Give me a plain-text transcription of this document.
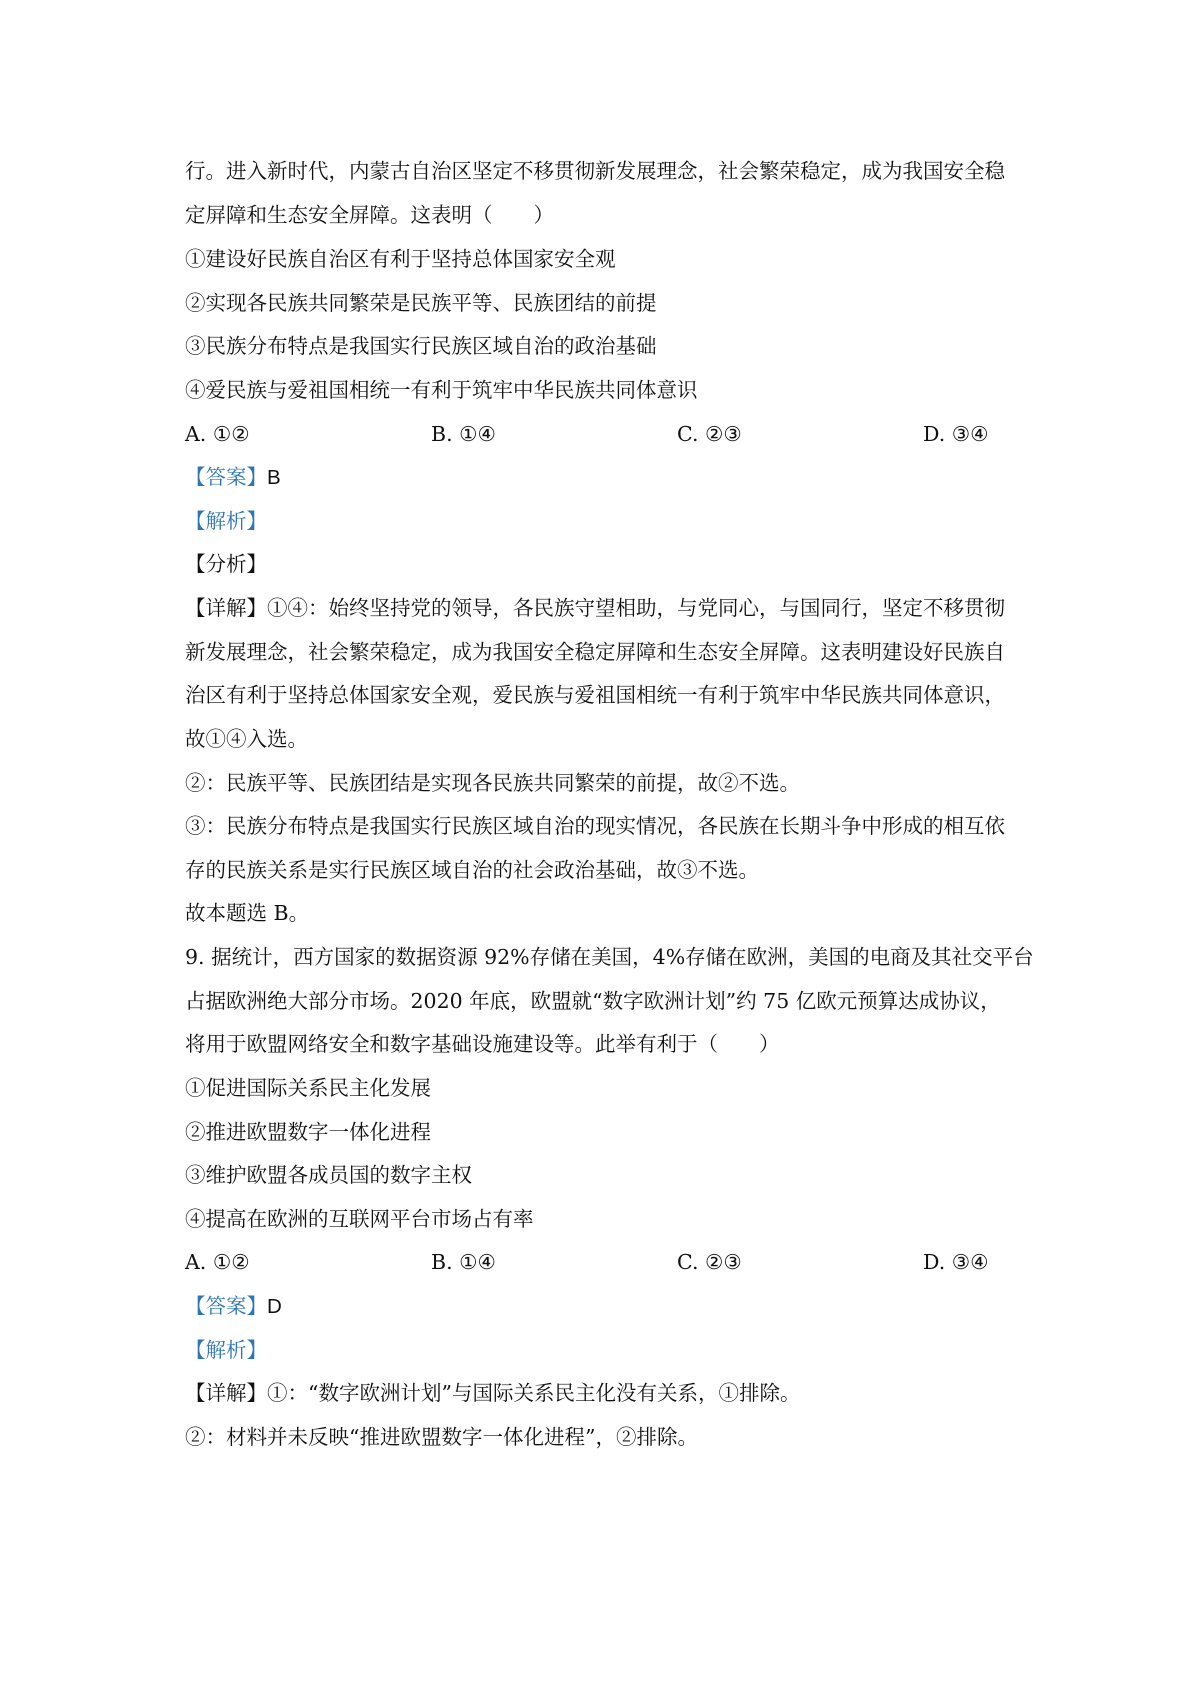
行。进入新时代，内蒙古自治区坚定不移贯彻新发展理念，社会繁荣稳定，成为我国安全稳
定屏障和生态安全屏障。这表明（　　）
①建设好民族自治区有利于坚持总体国家安全观
②实现各民族共同繁荣是民族平等、民族团结的前提
③民族分布特点是我国实行民族区域自治的政治基础
④爱民族与爱祖国相统一有利于筑牢中华民族共同体意识
A. ①②	B. ①④	C. ②③	D. ③④
【答案】B
【解析】
【分析】
【详解】①④：始终坚持党的领导，各民族守望相助，与党同心，与国同行，坚定不移贯彻
新发展理念，社会繁荣稳定，成为我国安全稳定屏障和生态安全屏障。这表明建设好民族自
治区有利于坚持总体国家安全观，爱民族与爱祖国相统一有利于筑牢中华民族共同体意识，
故①④入选。
②：民族平等、民族团结是实现各民族共同繁荣的前提，故②不选。
③：民族分布特点是我国实行民族区域自治的现实情况，各民族在长期斗争中形成的相互依
存的民族关系是实行民族区域自治的社会政治基础，故③不选。
故本题选 B。
9. 据统计，西方国家的数据资源 92%存储在美国，4%存储在欧洲，美国的电商及其社交平台
占据欧洲绝大部分市场。2020 年底，欧盟就“数字欧洲计划”约 75 亿欧元预算达成协议，
将用于欧盟网络安全和数字基础设施建设等。此举有利于（　　）
①促进国际关系民主化发展
②推进欧盟数字一体化进程
③维护欧盟各成员国的数字主权
④提高在欧洲的互联网平台市场占有率
A. ①②	B. ①④	C. ②③	D. ③④
【答案】D
【解析】
【详解】①：“数字欧洲计划”与国际关系民主化没有关系，①排除。
②：材料并未反映“推进欧盟数字一体化进程”，②排除。
